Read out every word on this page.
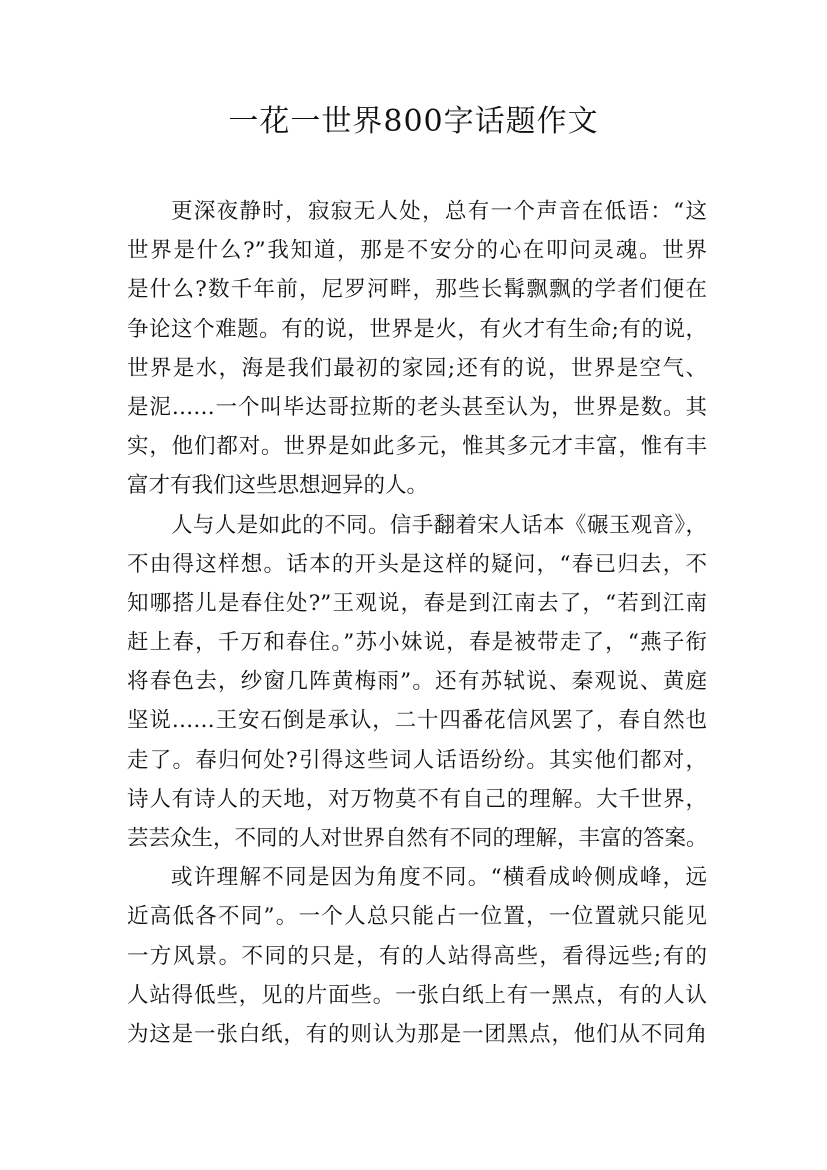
一花一世界800字话题作文
更深夜静时，寂寂无人处，总有一个声音在低语：“这
世界是什么?”我知道，那是不安分的心在叩问灵魂。世界
是什么?数千年前，尼罗河畔，那些长髯飘飘的学者们便在
争论这个难题。有的说，世界是火，有火才有生命;有的说，
世界是水，海是我们最初的家园;还有的说，世界是空气、
是泥……一个叫毕达哥拉斯的老头甚至认为，世界是数。其
实，他们都对。世界是如此多元，惟其多元才丰富，惟有丰
富才有我们这些思想迥异的人。
人与人是如此的不同。信手翻着宋人话本《碾玉观音》，
不由得这样想。话本的开头是这样的疑问，“春已归去，不
知哪搭儿是春住处?”王观说，春是到江南去了，“若到江南
赶上春，千万和春住。”苏小妹说，春是被带走了，“燕子衔
将春色去，纱窗几阵黄梅雨”。还有苏轼说、秦观说、黄庭
坚说……王安石倒是承认，二十四番花信风罢了，春自然也
走了。春归何处?引得这些词人话语纷纷。其实他们都对，
诗人有诗人的天地，对万物莫不有自己的理解。大千世界，
芸芸众生，不同的人对世界自然有不同的理解，丰富的答案。
或许理解不同是因为角度不同。“横看成岭侧成峰，远
近高低各不同”。一个人总只能占一位置，一位置就只能见
一方风景。不同的只是，有的人站得高些，看得远些;有的
人站得低些，见的片面些。一张白纸上有一黑点，有的人认
为这是一张白纸，有的则认为那是一团黑点，他们从不同角
